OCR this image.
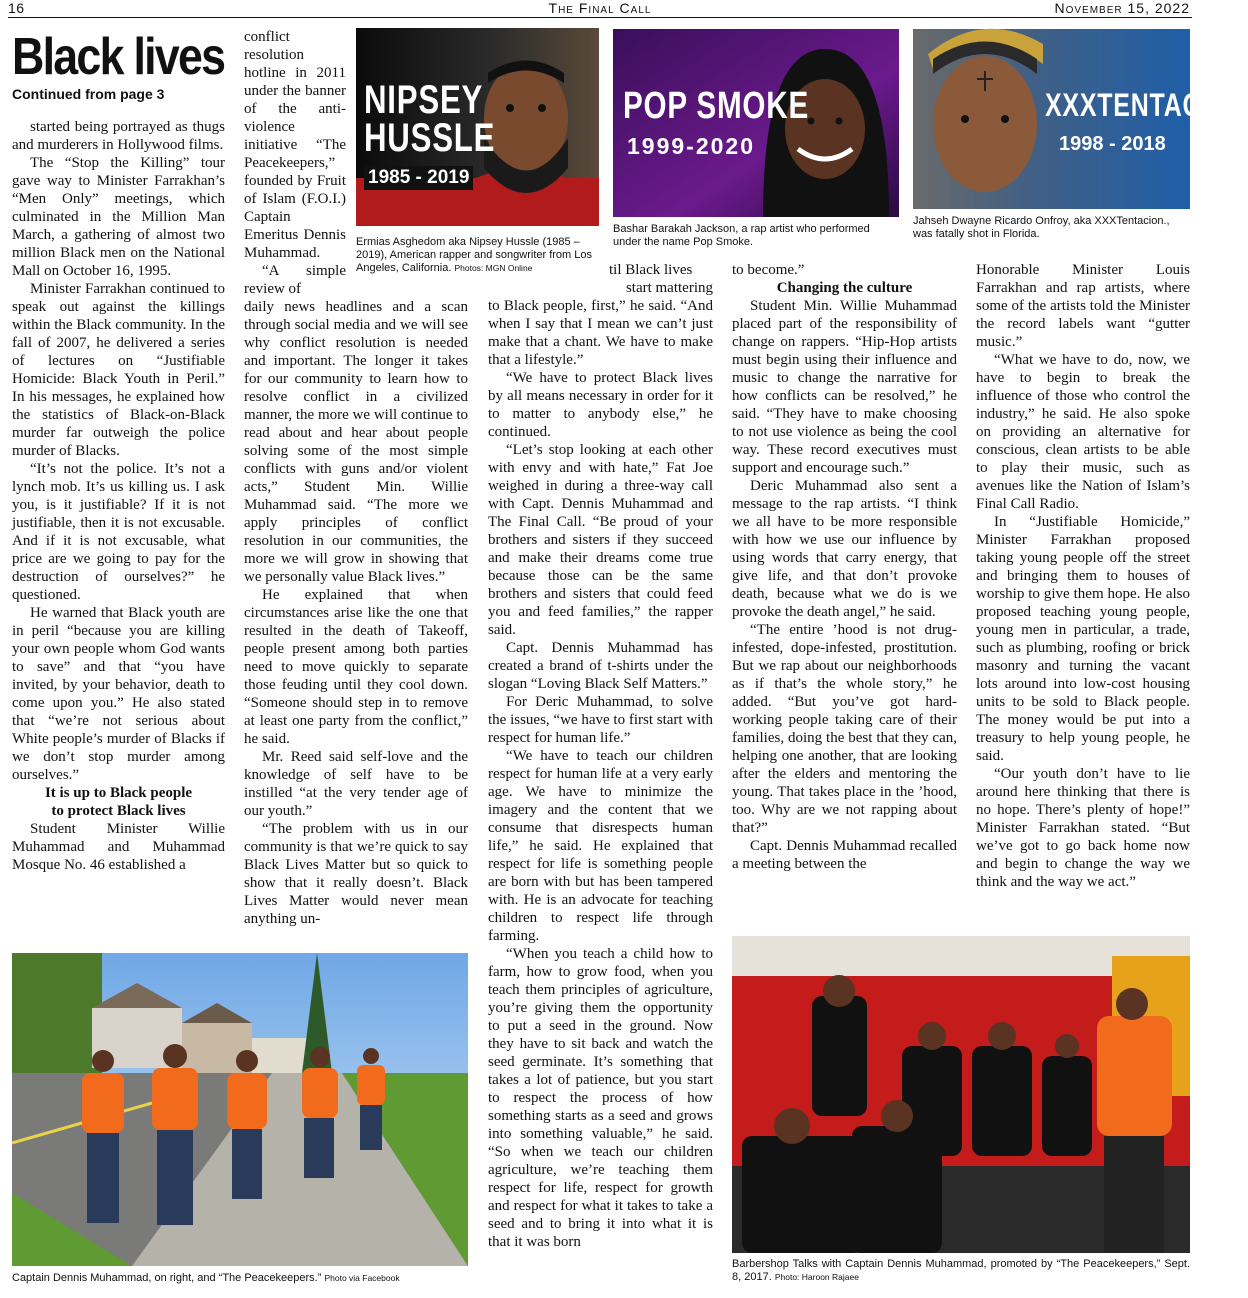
16	The Final Call	November 15, 2022
Black lives
Continued from page 3

started being portrayed as thugs and murderers in Hollywood films.

The “Stop the Killing” tour gave way to Minister Farrakhan’s “Men Only” meetings, which culminated in the Million Man March, a gathering of almost two million Black men on the National Mall on October 16, 1995.

Minister Farrakhan continued to speak out against the killings within the Black community. In the fall of 2007, he delivered a series of lectures on “Justifiable Homicide: Black Youth in Peril.” In his messages, he explained how the statistics of Black-on-Black murder far outweigh the police murder of Blacks.

“It’s not the police. It’s not a lynch mob. It’s us killing us. I ask you, is it justifiable? If it is not justifiable, then it is not excusable. And if it is not excusable, what price are we going to pay for the destruction of ourselves?” he questioned.

He warned that Black youth are in peril “because you are killing your own people whom God wants to save” and that “you have invited, by your behavior, death to come upon you.” He also stated that “we’re not serious about White people’s murder of Blacks if we don’t stop murder among ourselves.”

It is up to Black people

to protect Black lives

Student Minister Willie Muhammad and Muhammad Mosque No. 46 established a

conflict resolution hotline in 2011 under the banner of the anti-violence initiative “The Peacekeepers,” founded by Fruit of Islam (F.O.I.) Captain Emeritus Dennis Muhammad.

“A simple review of

daily news headlines and a scan through social media and we will see why conflict resolution is needed and important. The longer it takes for our community to learn how to resolve conflict in a civilized manner, the more we will continue to read about and hear about people solving some of the most simple conflicts with guns and/or violent acts,” Student Min. Willie Muhammad said. “The more we apply principles of conflict resolution in our communities, the more we will grow in showing that we personally value Black lives.”

He explained that when circumstances arise like the one that resulted in the death of Takeoff, people present among both parties need to move quickly to separate those feuding until they cool down. “Someone should step in to remove at least one party from the conflict,” he said.

Mr. Reed said self-love and the knowledge of self have to be instilled “at the very tender age of our youth.”

“The problem with us in our community is that we’re quick to say Black Lives Matter but so quick to show that it really doesn’t. Black Lives Matter would never mean anything un-

til Black lives

start mattering

to Black people, first,” he said. “And when I say that I mean we can’t just make that a chant. We have to make that a lifestyle.”

“We have to protect Black lives by all means necessary in order for it to matter to anybody else,” he continued.

“Let’s stop looking at each other with envy and with hate,” Fat Joe weighed in during a three-way call with Capt. Dennis Muhammad and The Final Call. “Be proud of your brothers and sisters if they succeed and make their dreams come true because those can be the same brothers and sisters that could feed you and feed families,” the rapper said.

Capt. Dennis Muhammad has created a brand of t-shirts under the slogan “Loving Black Self Matters.”

For Deric Muhammad, to solve the issues, “we have to first start with respect for human life.”

“We have to teach our children respect for human life at a very early age. We have to minimize the imagery and the content that we consume that disrespects human life,” he said. He explained that respect for life is something people are born with but has been tampered with. He is an advocate for teaching children to respect life through farming.

“When you teach a child how to farm, how to grow food, when you teach them principles of agriculture, you’re giving them the opportunity to put a seed in the ground. Now they have to sit back and watch the seed germinate. It’s something that takes a lot of patience, but you start to respect the process of how something starts as a seed and grows into something valuable,” he said. “So when we teach our children agriculture, we’re teaching them respect for life, respect for growth and respect for what it takes to take a seed and to bring it into what it is that it was born

to become.”

Changing the culture

Student Min. Willie Muhammad placed part of the responsibility of change on rappers. “Hip-Hop artists must begin using their influence and music to change the narrative for how conflicts can be resolved,” he said. “They have to make choosing to not use violence as being the cool way. These record executives must support and encourage such.”

Deric Muhammad also sent a message to the rap artists. “I think we all have to be more responsible with how we use our influence by using words that carry energy, that give life, and that don’t provoke death, because what we do is we provoke the death angel,” he said.

“The entire ’hood is not drug-infested, dope-infested, prostitution. But we rap about our neighborhoods as if that’s the whole story,” he added. “But you’ve got hard-working people taking care of their families, doing the best that they can, helping one another, that are looking after the elders and mentoring the young. That takes place in the ’hood, too. Why are we not rapping about that?”

Capt. Dennis Muhammad recalled a meeting between the

Honorable Minister Louis Farrakhan and rap artists, where some of the artists told the Minister the record labels want “gutter music.”

“What we have to do, now, we have to begin to break the influence of those who control the industry,” he said. He also spoke on providing an alternative for conscious, clean artists to be able to play their music, such as avenues like the Nation of Islam’s Final Call Radio.

In “Justifiable Homicide,” Minister Farrakhan proposed taking young people off the street and bringing them to houses of worship to give them hope. He also proposed teaching young people, young men in particular, a trade, such as plumbing, roofing or brick masonry and turning the vacant lots around into low-cost housing units to be sold to Black people. The money would be put into a treasury to help young people, he said.

“Our youth don’t have to lie around here thinking that there is no hope. There’s plenty of hope!” Minister Farrakhan stated. “But we’ve got to go back home now and begin to change the way we think and the way we act.”

NIPSEY
HUSSLE
1985 - 2019
Ermias Asghedom aka Nipsey Hussle (1985 – 2019), American rapper and songwriter from Los Angeles, California. Photos: MGN Online
POP SMOKE
1999-2020
Bashar Barakah Jackson, a rap artist who performed under the name Pop Smoke.
XXXTENTACION
1998 - 2018
Jahseh Dwayne Ricardo Onfroy, aka XXXTentacion., was fatally shot in Florida.
Captain Dennis Muhammad, on right, and “The Peacekeepers.” Photo via Facebook
Barbershop Talks with Captain Dennis Muhammad, promoted by “The Peacekeepers,” Sept. 8, 2017. Photo: Haroon Rajaee
